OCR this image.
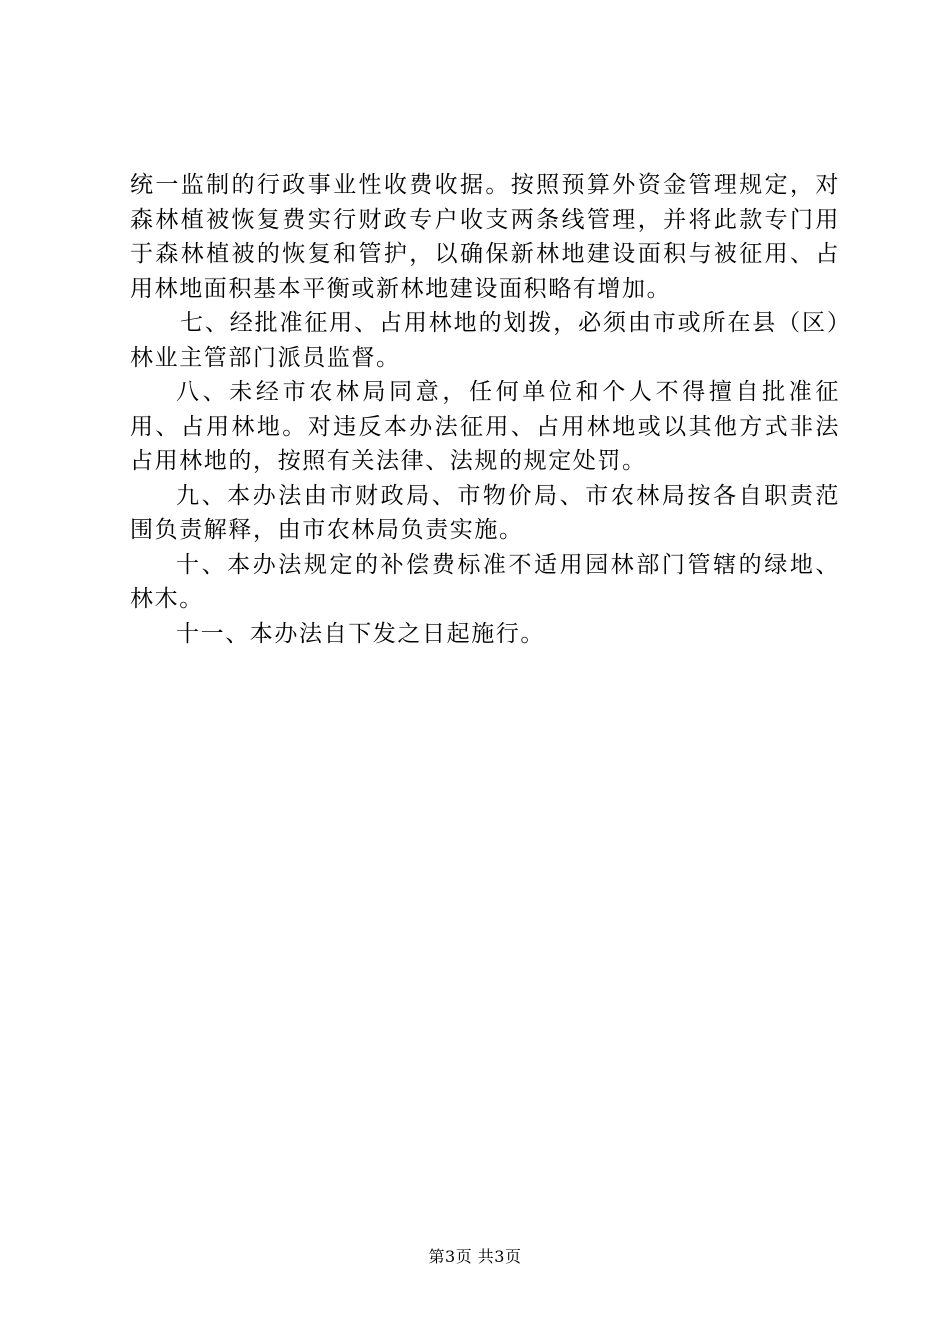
统一监制的行政事业性收费收据。按照预算外资金管理规定，对森林植被恢复费实行财政专户收支两条线管理，并将此款专门用于森林植被的恢复和管护，以确保新林地建设面积与被征用、占用林地面积基本平衡或新林地建设面积略有增加。

七、经批准征用、占用林地的划拨，必须由市或所在县（区）林业主管部门派员监督。

八、未经市农林局同意，任何单位和个人不得擅自批准征用、占用林地。对违反本办法征用、占用林地或以其他方式非法占用林地的，按照有关法律、法规的规定处罚。

九、本办法由市财政局、市物价局、市农林局按各自职责范围负责解释，由市农林局负责实施。

十、本办法规定的补偿费标准不适用园林部门管辖的绿地、林木。

十一、本办法自下发之日起施行。

第3页 共3页
